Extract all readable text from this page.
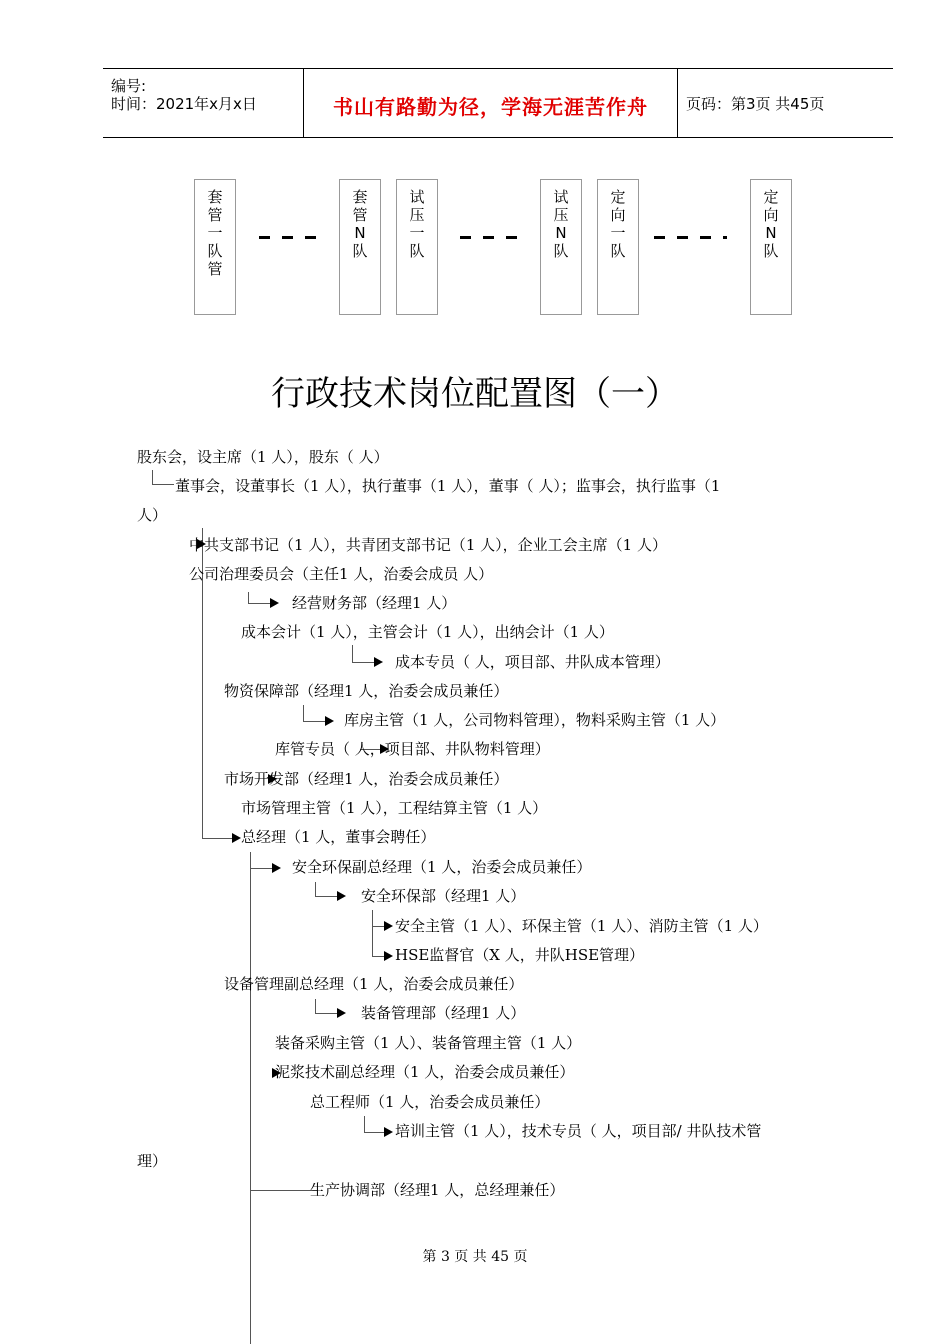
编号:
时间：2021年x月x日	书山有路勤为径，学海无涯苦作舟	页码：第3页 共45页
套
管
一
队
管
套
管
N
队
试
压
一
队
试
压
N
队
定
向
一
队
定
向
N
队
行政技术岗位配置图（一）
股东会，设主席（1 人），股东（ 人）
董事会，设董事长（1 人），执行董事（1 人），董事（ 人）；监事会，执行监事（1
人）
中共支部书记（1 人），共青团支部书记（1 人），企业工会主席（1 人）
公司治理委员会（主任1 人，治委会成员 人）
经营财务部（经理1 人）
成本会计（1 人），主管会计（1 人），出纳会计（1 人）
成本专员（ 人，项目部、井队成本管理）
物资保障部（经理1 人，治委会成员兼任）
库房主管（1 人，公司物料管理），物料采购主管（1 人）
库管专员（ 人，项目部、井队物料管理）
市场开发部（经理1 人，治委会成员兼任）
市场管理主管（1 人），工程结算主管（1 人）
总经理（1 人，董事会聘任）
安全环保副总经理（1 人，治委会成员兼任）
安全环保部（经理1 人）
安全主管（1 人）、环保主管（1 人）、消防主管（1 人）
HSE监督官（X 人，井队HSE管理）
设备管理副总经理（1 人，治委会成员兼任）
装备管理部（经理1 人）
装备采购主管（1 人）、装备管理主管（1 人）
泥浆技术副总经理（1 人，治委会成员兼任）
总工程师（1 人，治委会成员兼任）
培训主管（1 人），技术专员（ 人，项目部/ 井队技术管
理）
生产协调部（经理1 人，总经理兼任）
第 3 页 共 45 页
